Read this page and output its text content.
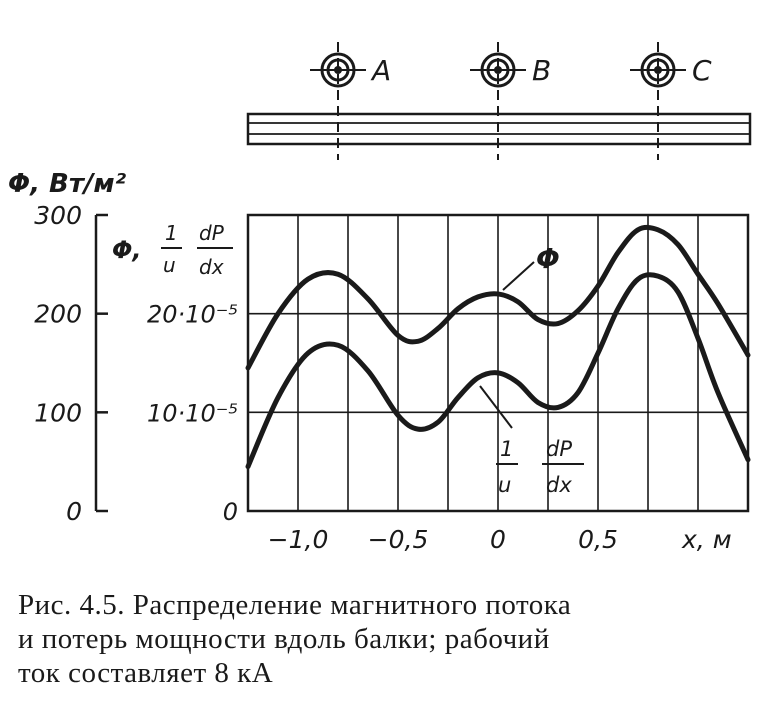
A	B	C
Φ, Вт/м²
Φ,
1
u
dP
dx
0
100
200
300
0
10·10⁻⁵
20·10⁻⁵
−1,0 −0,5 0	0,5	x, м
Φ
1
u
dP
dx
Рис. 4.5. Распределение магнитного потока
и потерь мощности вдоль балки; рабочий
ток составляет 8 кА
